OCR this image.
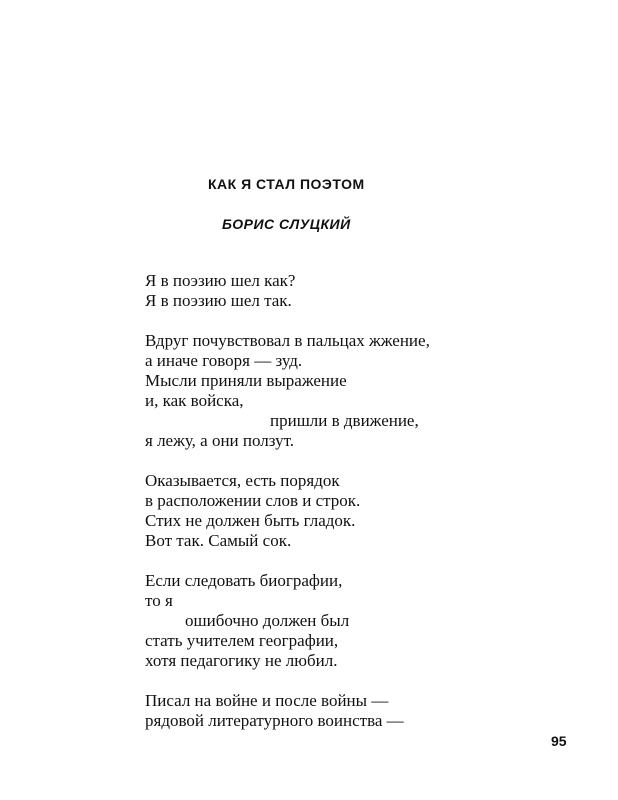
КАК Я СТАЛ ПОЭТОМ
БОРИС СЛУЦКИЙ
Я в поэзию шел как?
Я в поэзию шел так.
Вдруг почувствовал в пальцах жжение,
а иначе говоря — зуд.
Мысли приняли выражение
и, как войска,
пришли в движение,
я лежу, а они ползут.
Оказывается, есть порядок
в расположении слов и строк.
Стих не должен быть гладок.
Вот так. Самый сок.
Если следовать биографии,
то я
ошибочно должен был
стать учителем географии,
хотя педагогику не любил.
Писал на войне и после войны —
рядовой литературного воинства —
95
